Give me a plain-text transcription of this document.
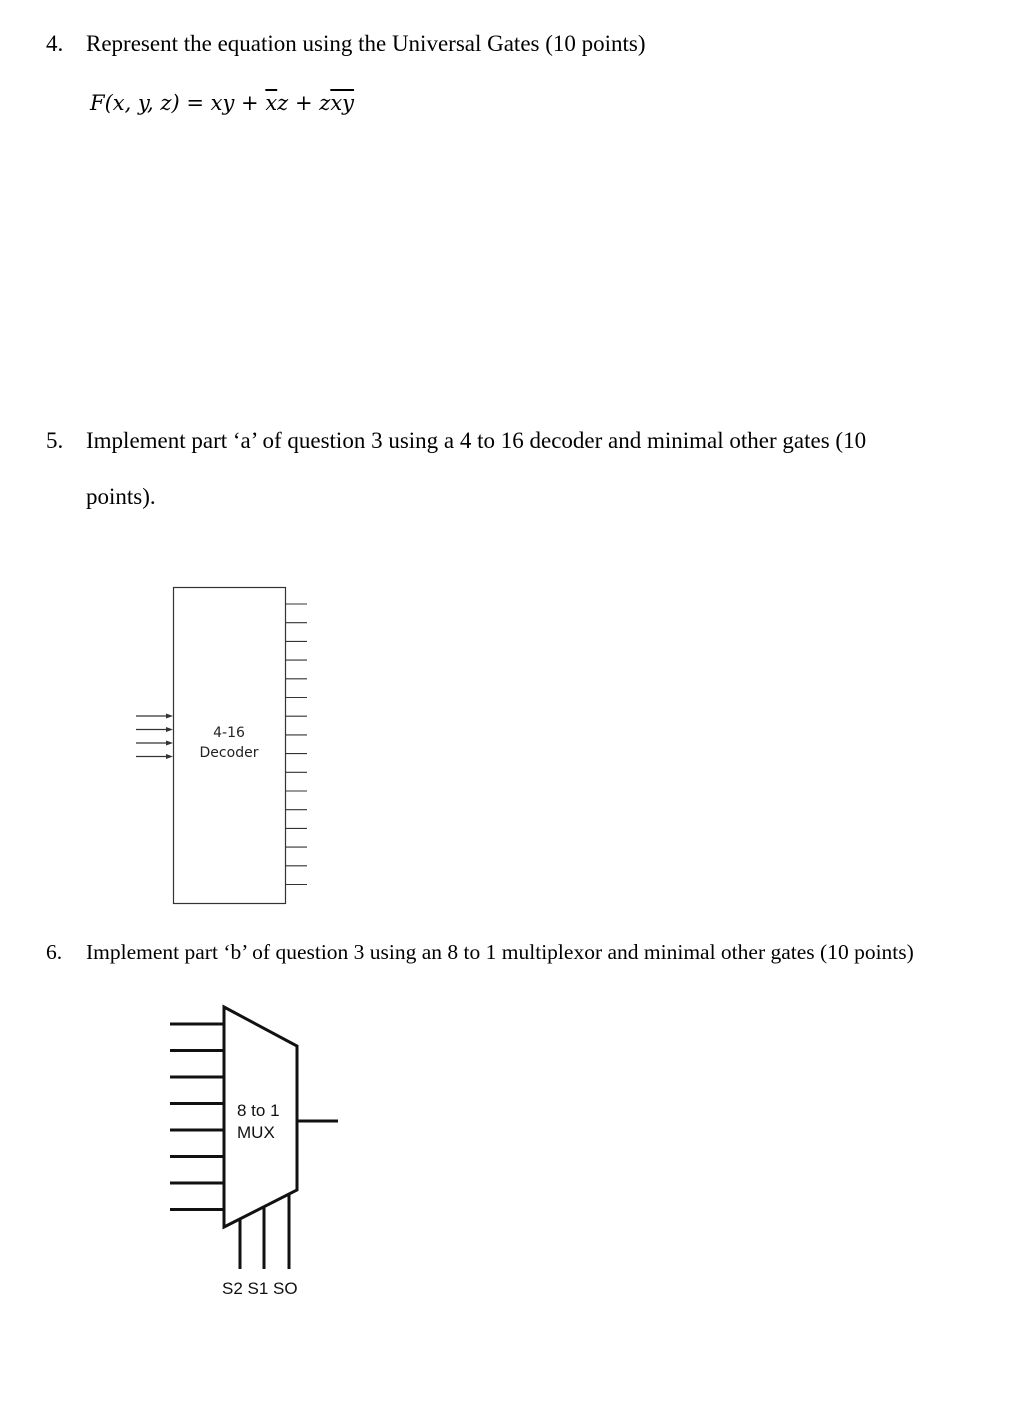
4. Represent the equation using the Universal Gates (10 points)
F(x, y, z) = xy + $\overline{x}z + z\overline{xy}$
5. Implement part ‘a’ of question 3 using a 4 to 16 decoder and minimal other gates (10
points).
4-16
Decoder
6. Implement part ‘b’ of question 3 using an 8 to 1 multiplexor and minimal other gates (10 points)
8 to 1
MUX
S2 S1 SO
